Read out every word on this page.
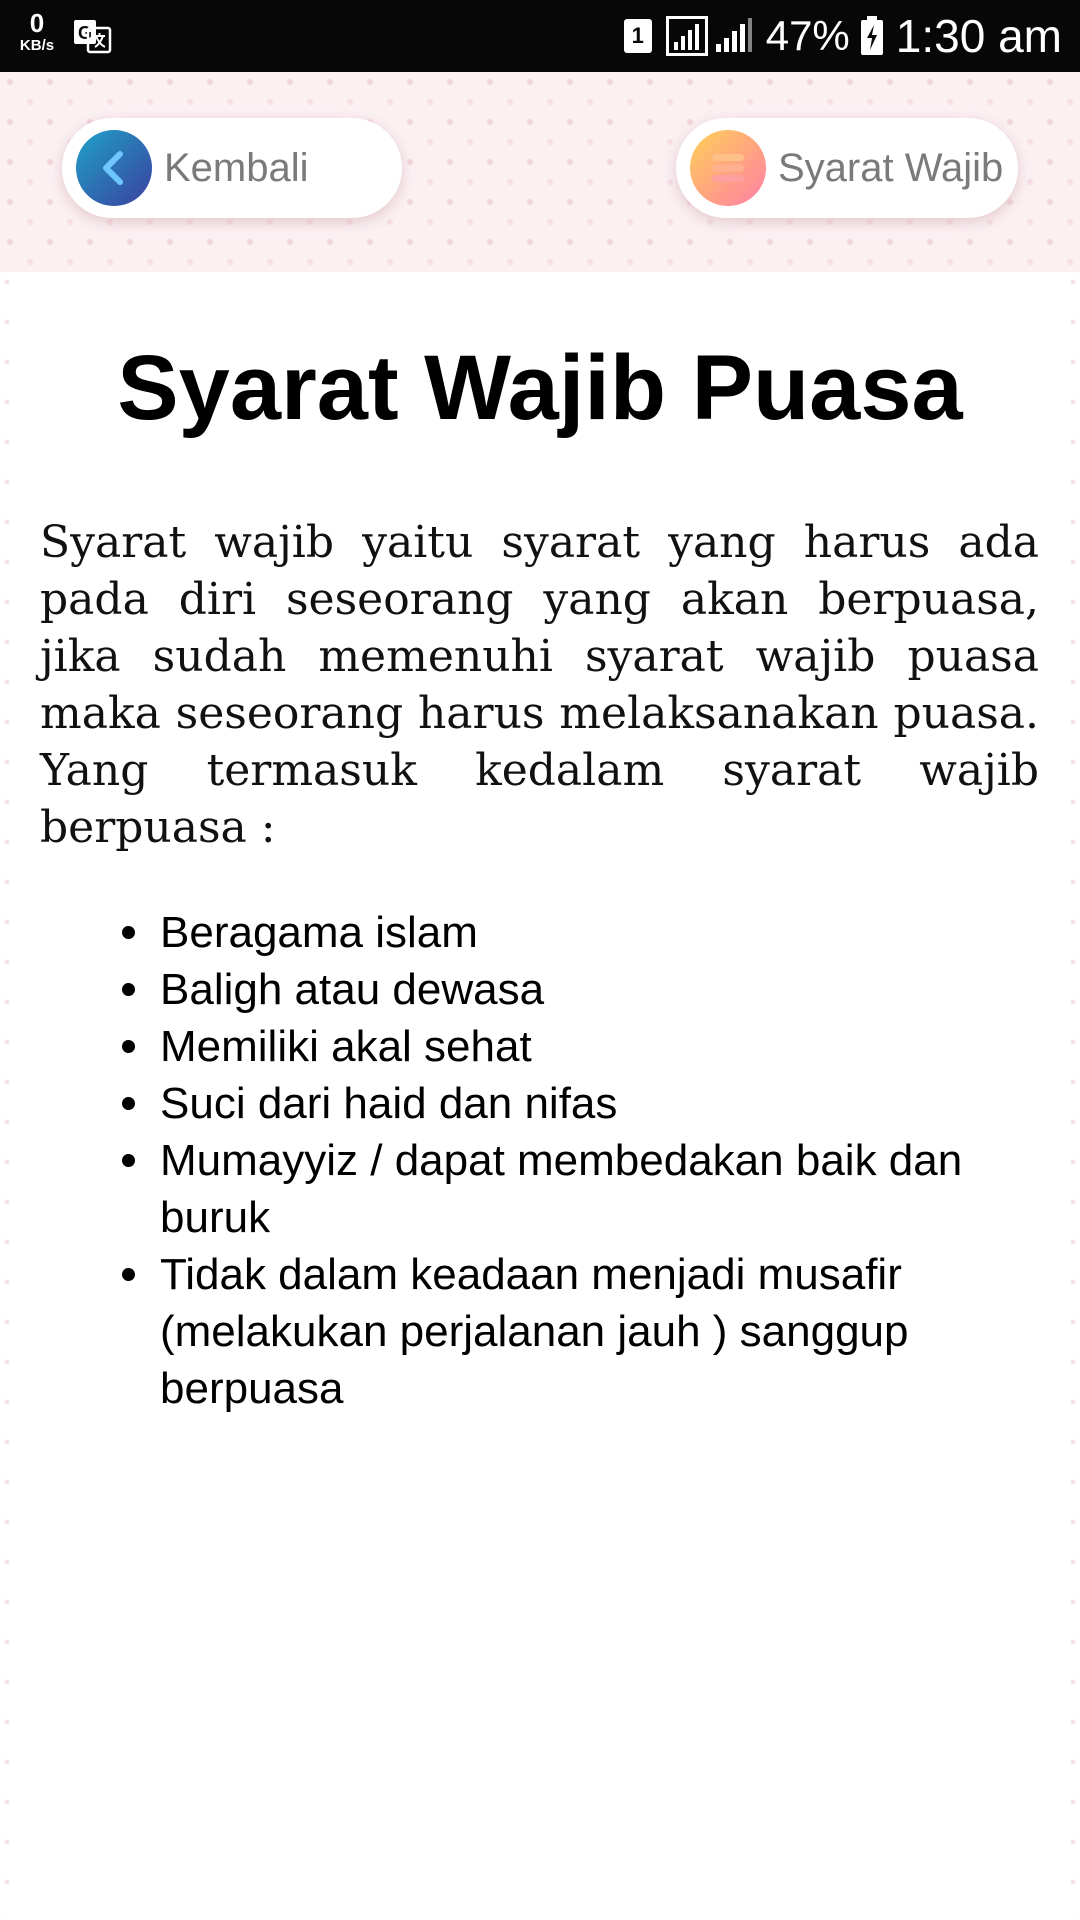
0
KB/s
G	1	47% 1:30 am
Kembali	Syarat Wajib
Syarat Wajib Puasa

Syarat wajib yaitu syarat yang harus ada pada diri seseorang yang akan berpuasa, jika sudah memenuhi syarat wajib puasa maka seseorang harus melaksanakan puasa. Yang termasuk kedalam syarat wajib berpuasa :

Beragama islam
Baligh atau dewasa
Memiliki akal sehat
Suci dari haid dan nifas
Mumayyiz / dapat membedakan baik dan buruk
Tidak dalam keadaan menjadi musafir (melakukan perjalanan jauh ) sanggup berpuasa
